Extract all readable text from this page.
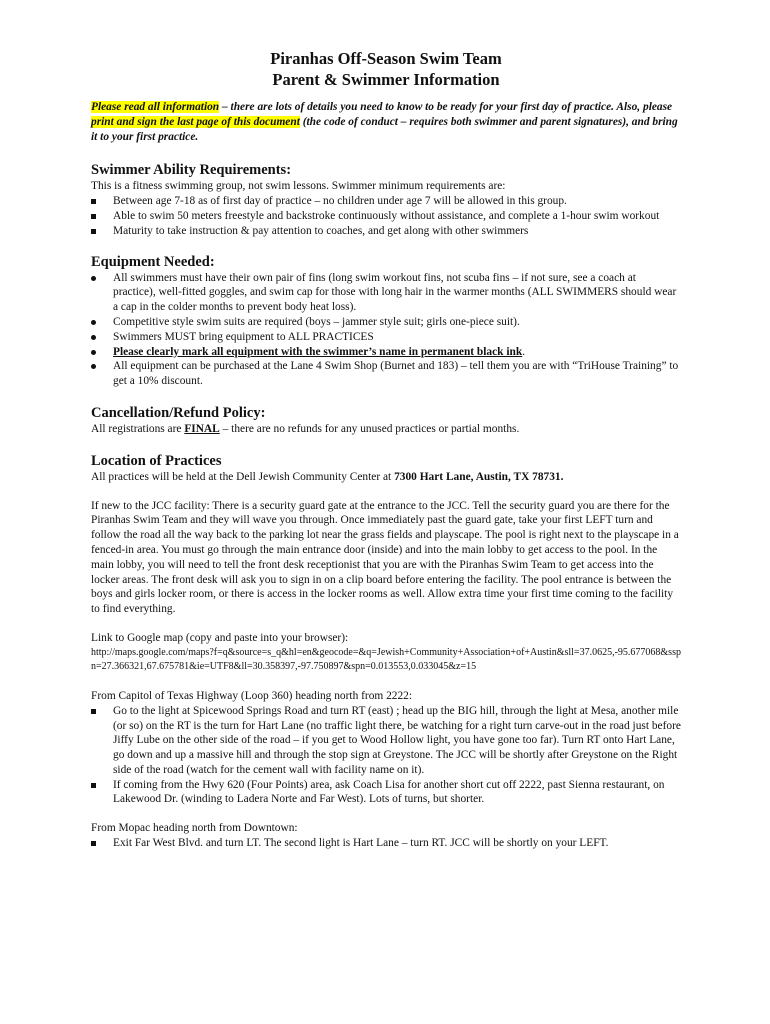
Piranhas Off-Season Swim Team
Parent & Swimmer Information

Please read all information – there are lots of details you need to know to be ready for your first day of practice. Also, please print and sign the last page of this document (the code of conduct – requires both swimmer and parent signatures), and bring it to your first practice.

Swimmer Ability Requirements:

This is a fitness swimming group, not swim lessons. Swimmer minimum requirements are:

Between age 7-18 as of first day of practice – no children under age 7 will be allowed in this group.
Able to swim 50 meters freestyle and backstroke continuously without assistance, and complete a 1-hour swim workout
Maturity to take instruction & pay attention to coaches, and get along with other swimmers
Equipment Needed:
All swimmers must have their own pair of fins (long swim workout fins, not scuba fins – if not sure, see a coach at practice), well-fitted goggles, and swim cap for those with long hair in the warmer months (ALL SWIMMERS should wear a cap in the colder months to prevent body heat loss).
Competitive style swim suits are required (boys – jammer style suit; girls one-piece suit).
Swimmers MUST bring equipment to ALL PRACTICES
Please clearly mark all equipment with the swimmer’s name in permanent black ink.
All equipment can be purchased at the Lane 4 Swim Shop (Burnet and 183) – tell them you are with “TriHouse Training” to get a 10% discount.
Cancellation/Refund Policy:

All registrations are FINAL – there are no refunds for any unused practices or partial months.

Location of Practices

All practices will be held at the Dell Jewish Community Center at 7300 Hart Lane, Austin, TX 78731.

If new to the JCC facility: There is a security guard gate at the entrance to the JCC. Tell the security guard you are there for the Piranhas Swim Team and they will wave you through. Once immediately past the guard gate, take your first LEFT turn and follow the road all the way back to the parking lot near the grass fields and playscape. The pool is right next to the playscape in a fenced-in area. You must go through the main entrance door (inside) and into the main lobby to get access to the pool. In the main lobby, you will need to tell the front desk receptionist that you are with the Piranhas Swim Team to get access into the locker areas. The front desk will ask you to sign in on a clip board before entering the facility. The pool entrance is between the boys and girls locker room, or there is access in the locker rooms as well. Allow extra time your first time coming to the facility to find everything.

Link to Google map (copy and paste into your browser):

http://maps.google.com/maps?f=q&source=s_q&hl=en&geocode=&q=Jewish+Community+Association+of+Austin&sll=37.0625,-95.677068&sspn=27.366321,67.675781&ie=UTF8&ll=30.358397,-97.750897&spn=0.013553,0.033045&z=15

From Capitol of Texas Highway (Loop 360) heading north from 2222:

Go to the light at Spicewood Springs Road and turn RT (east) ; head up the BIG hill, through the light at Mesa, another mile (or so) on the RT is the turn for Hart Lane (no traffic light there, be watching for a right turn carve-out in the road just before Jiffy Lube on the other side of the road – if you get to Wood Hollow light, you have gone too far). Turn RT onto Hart Lane, go down and up a massive hill and through the stop sign at Greystone. The JCC will be shortly after Greystone on the Right side of the road (watch for the cement wall with facility name on it).
If coming from the Hwy 620 (Four Points) area, ask Coach Lisa for another short cut off 2222, past Sienna restaurant, on Lakewood Dr. (winding to Ladera Norte and Far West). Lots of turns, but shorter.

From Mopac heading north from Downtown:

Exit Far West Blvd. and turn LT. The second light is Hart Lane – turn RT. JCC will be shortly on your LEFT.
